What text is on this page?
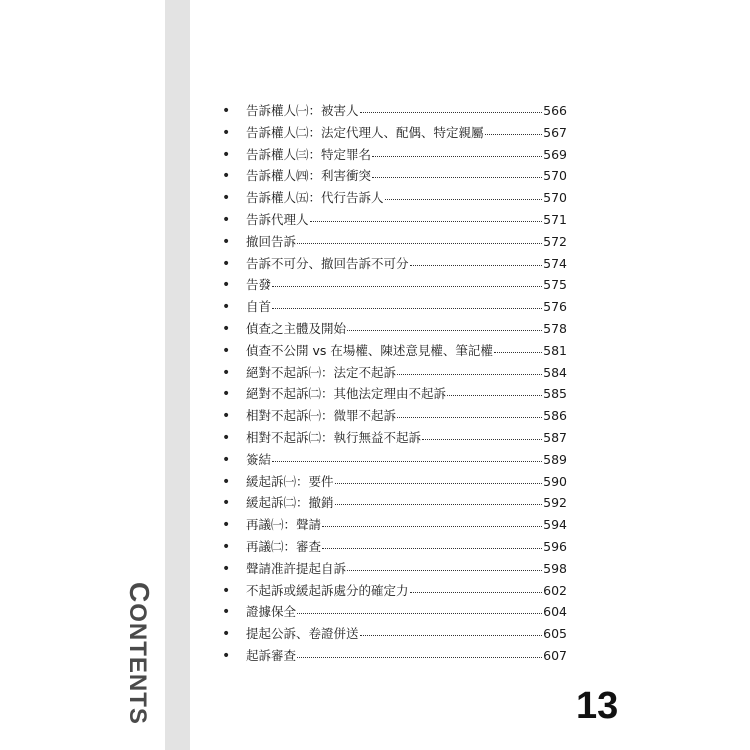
CONTENTS
•	告訴權人㈠：被害人	566
•	告訴權人㈡：法定代理人、配偶、特定親屬	567
•	告訴權人㈢：特定罪名	569
•	告訴權人㈣：利害衝突	570
•	告訴權人㈤：代行告訴人	570
•	告訴代理人	571
•	撤回告訴	572
•	告訴不可分、撤回告訴不可分	574
•	告發	575
•	自首	576
•	偵查之主體及開始	578
•	偵查不公開 vs 在場權、陳述意見權、筆記權	581
•	絕對不起訴㈠：法定不起訴	584
•	絕對不起訴㈡：其他法定理由不起訴	585
•	相對不起訴㈠：微罪不起訴	586
•	相對不起訴㈡：執行無益不起訴	587
•	簽結	589
•	緩起訴㈠：要件	590
•	緩起訴㈡：撤銷	592
•	再議㈠：聲請	594
•	再議㈡：審查	596
•	聲請准許提起自訴	598
•	不起訴或緩起訴處分的確定力	602
•	證據保全	604
•	提起公訴、卷證併送	605
•	起訴審查	607
13
